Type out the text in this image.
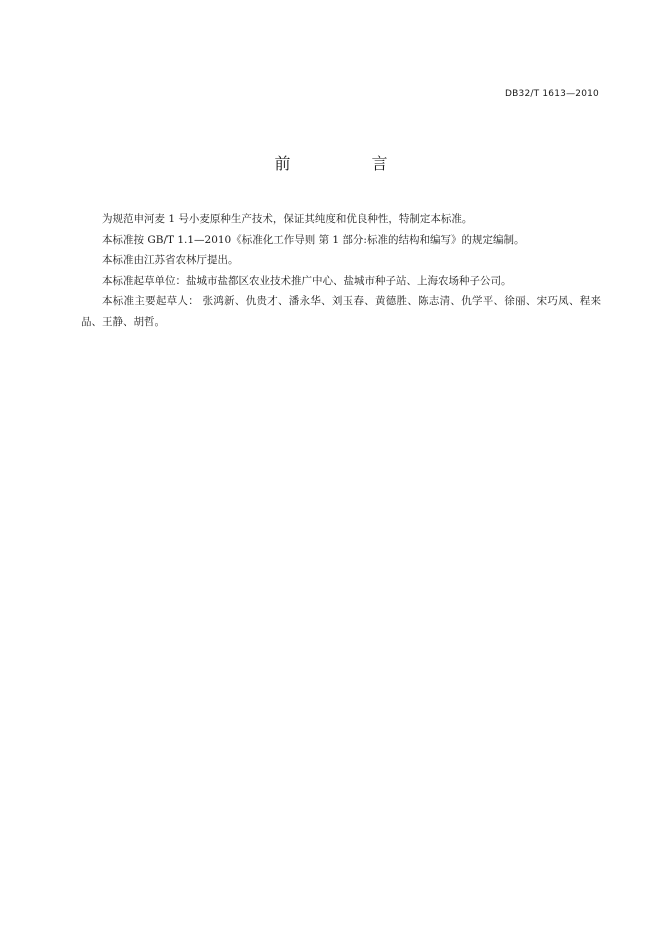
DB32/T 1613—2010
前 言

为规范申河麦 1 号小麦原种生产技术，保证其纯度和优良种性，特制定本标准。

本标准按 GB/T 1.1—2010《标准化工作导则 第 1 部分:标准的结构和编写》的规定编制。

本标准由江苏省农林厅提出。

本标准起草单位：盐城市盐都区农业技术推广中心、盐城市种子站、上海农场种子公司。

本标准主要起草人： 张鸿新、仇贵才、潘永华、刘玉春、黄德胜、陈志清、仇学平、徐丽、宋巧凤、程来品、王静、胡哲。
